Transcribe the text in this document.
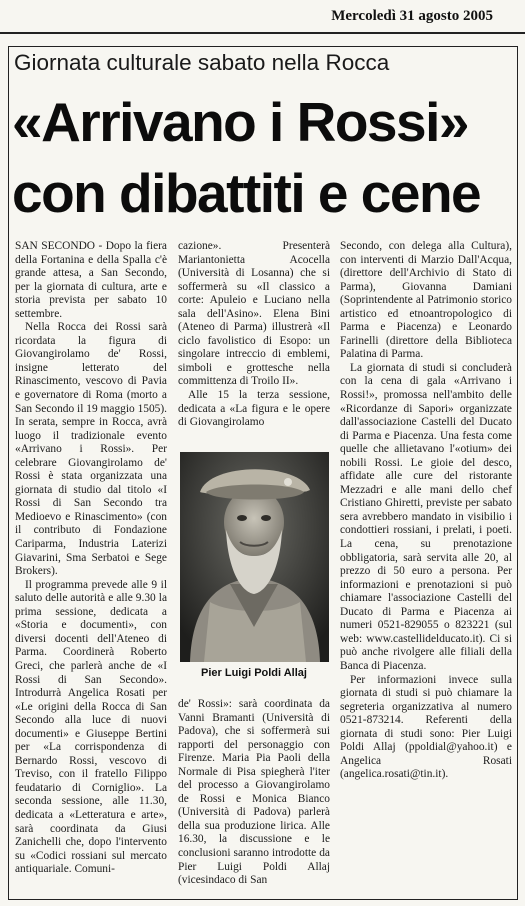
Mercoledì 31 agosto 2005
Giornata culturale sabato nella Rocca
«Arrivano i Rossi»
con dibattiti e cene

SAN SECONDO - Dopo la fiera della Fortanina e della Spalla c'è grande attesa, a San Secondo, per la giornata di cultura, arte e storia prevista per sabato 10 settembre.

Nella Rocca dei Rossi sarà ricordata la figura di Giovangirolamo de' Rossi, insigne letterato del Rinascimento, vescovo di Pavia e governatore di Roma (morto a San Secondo il 19 maggio 1505). In serata, sempre in Rocca, avrà luogo il tradizionale evento «Arrivano i Rossi». Per celebrare Giovangirolamo de' Rossi è stata organizzata una giornata di studio dal titolo «I Rossi di San Secondo tra Medioevo e Rinascimento» (con il contributo di Fondazione Cariparma, Industria Laterizi Giavarini, Sma Serbatoi e Sege Brokers).

Il programma prevede alle 9 il saluto delle autorità e alle 9.30 la prima sessione, dedicata a «Storia e documenti», con diversi docenti dell'Ateneo di Parma. Coordinerà Roberto Greci, che parlerà anche de «I Rossi di San Secondo». Introdurrà Angelica Rosati per «Le origini della Rocca di San Secondo alla luce di nuovi documenti» e Giuseppe Bertini per «La corrispondenza di Bernardo Rossi, vescovo di Treviso, con il fratello Filippo feudatario di Corniglio». La seconda sessione, alle 11.30, dedicata a «Letteratura e arte», sarà coordinata da Giusi Zanichelli che, dopo l'intervento su «Codici rossiani sul mercato antiquariale. Comuni-

cazione». Presenterà Mariantonietta Acocella (Università di Losanna) che si soffermerà su «Il classico a corte: Apuleio e Luciano nella sala dell'Asino». Elena Bini (Ateneo di Parma) illustrerà «Il ciclo favolistico di Esopo: un singolare intreccio di emblemi, simboli e grottesche nella committenza di Troilo II».

Alle 15 la terza sessione, dedicata a «La figura e le opere di Giovangirolamo

Pier Luigi Poldi Allaj

de' Rossi»: sarà coordinata da Vanni Bramanti (Università di Padova), che si soffermerà sui rapporti del personaggio con Firenze. Maria Pia Paoli della Normale di Pisa spiegherà l'iter del processo a Giovangirolamo de Rossi e Monica Bianco (Università di Padova) parlerà della sua produzione lirica. Alle 16.30, la discussione e le conclusioni saranno introdotte da Pier Luigi Poldi Allaj (vicesindaco di San

Secondo, con delega alla Cultura), con interventi di Marzio Dall'Acqua, (direttore dell'Archivio di Stato di Parma), Giovanna Damiani (Soprintendente al Patrimonio storico artistico ed etnoantropologico di Parma e Piacenza) e Leonardo Farinelli (direttore della Biblioteca Palatina di Parma.

La giornata di studi si concluderà con la cena di gala «Arrivano i Rossi!», promossa nell'ambito delle «Ricordanze di Sapori» organizzate dall'associazione Castelli del Ducato di Parma e Piacenza. Una festa come quelle che allietavano l'«otium» dei nobili Rossi. Le gioie del desco, affidate alle cure del ristorante Mezzadri e alle mani dello chef Cristiano Ghiretti, previste per sabato sera avrebbero mandato in visibilio i condottieri rossiani, i prelati, i poeti. La cena, su prenotazione obbligatoria, sarà servita alle 20, al prezzo di 50 euro a persona. Per informazioni e prenotazioni si può chiamare l'associazione Castelli del Ducato di Parma e Piacenza ai numeri 0521-829055 o 823221 (sul web: www.castellidelducato.it). Ci si può anche rivolgere alle filiali della Banca di Piacenza.

Per informazioni invece sulla giornata di studi si può chiamare la segreteria organizzativa al numero 0521-873214. Referenti della giornata di studi sono: Pier Luigi Poldi Allaj (ppoldial@yahoo.it) e Angelica Rosati (angelica.rosati@tin.it).
